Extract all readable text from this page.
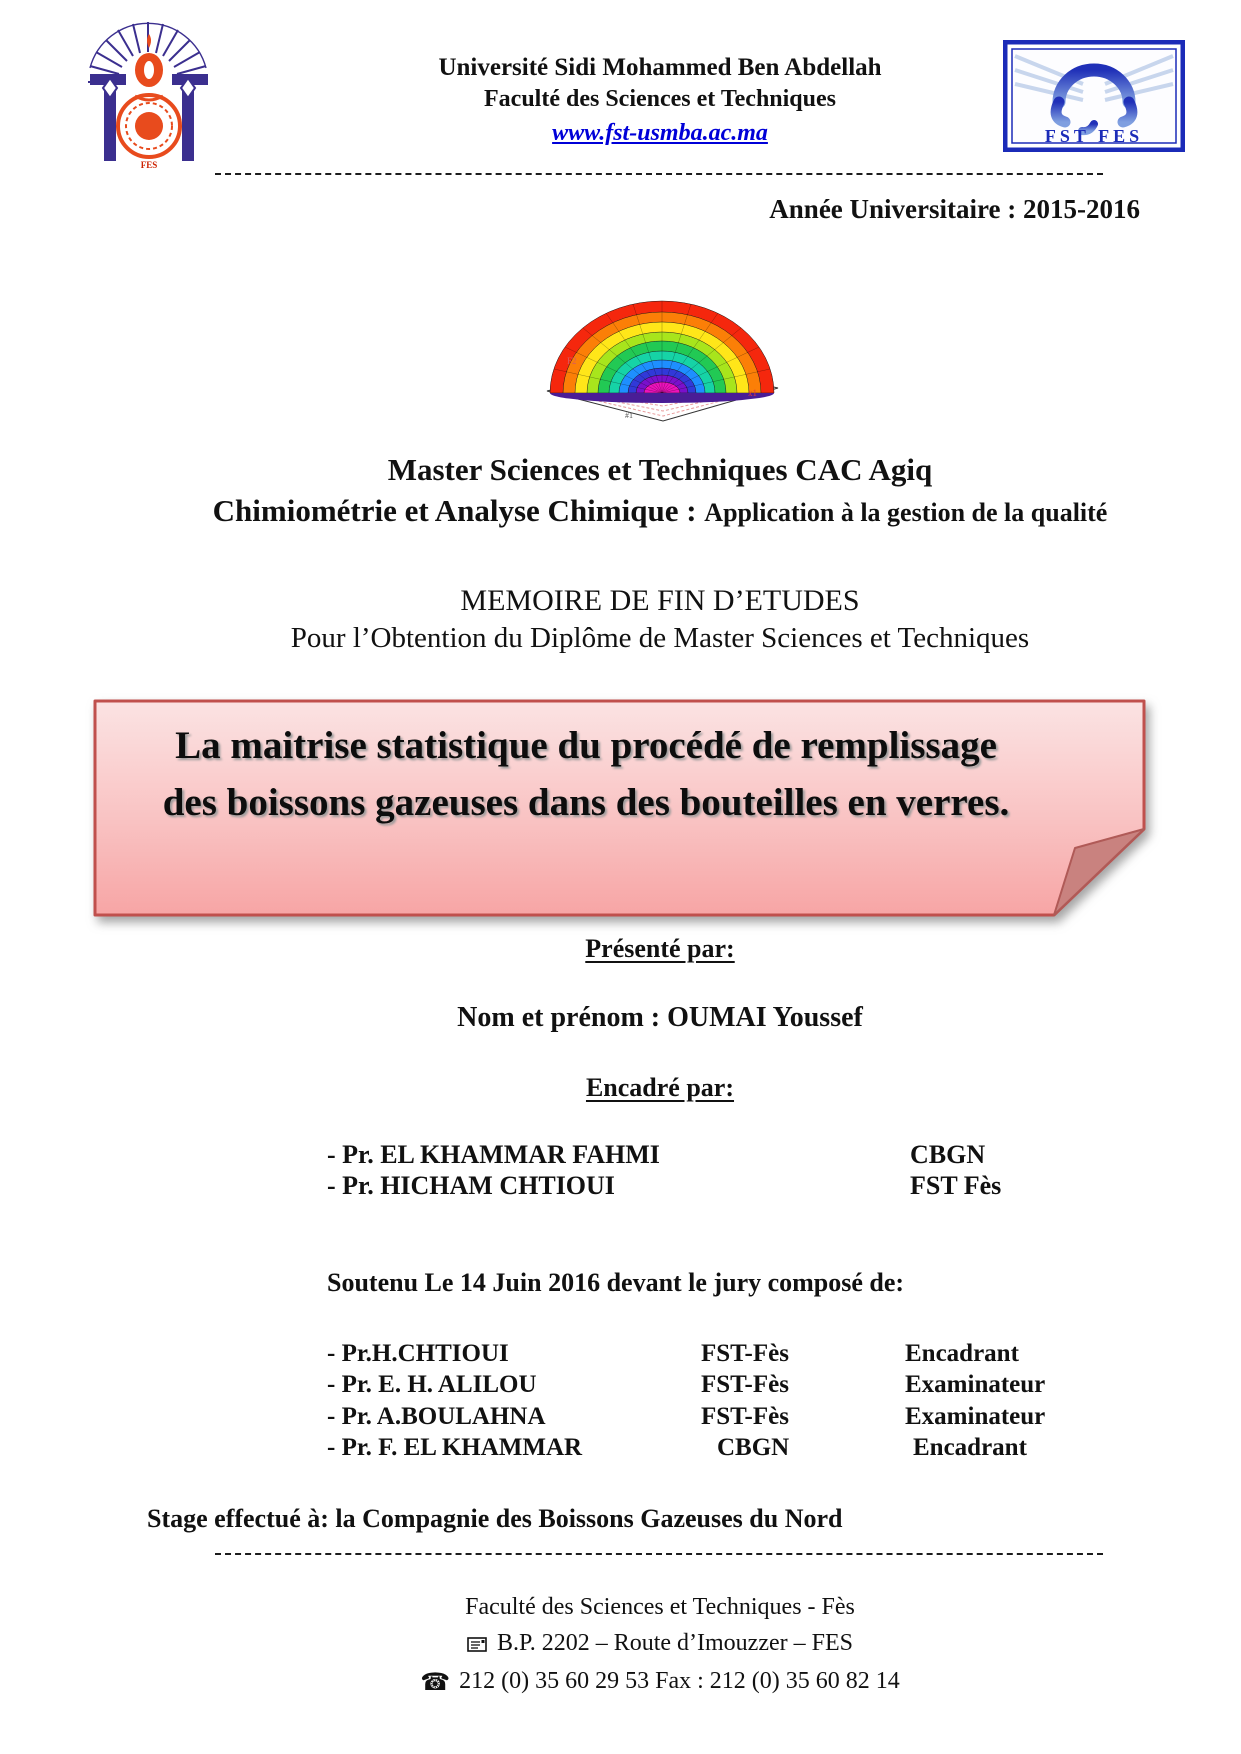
FES
Université Sidi Mohammed Ben Abdellah
Faculté des Sciences et Techniques
www.fst-usmba.ac.ma	FST FES
Année Universitaire : 2015-2016
F2
x1
#1
Master Sciences et Techniques CAC Agiq
Chimiométrie et Analyse Chimique : Application à la gestion de la qualité
MEMOIRE DE FIN D’ETUDES
Pour l’Obtention du Diplôme de Master Sciences et Techniques
La maitrise statistique du procédé de remplissage
des boissons gazeuses dans des bouteilles en verres.
Présenté par:
Nom et prénom : OUMAI Youssef
Encadré par:
- Pr. EL KHAMMAR FAHMI	CBGN
- Pr. HICHAM CHTIOUI	FST Fès
Soutenu Le 14 Juin 2016 devant le jury composé de:
- Pr.H.CHTIOUI	FST-Fès	Encadrant
- Pr. E. H. ALILOU	FST-Fès	Examinateur
- Pr. A.BOULAHNA	FST-Fès	Examinateur
- Pr. F. EL KHAMMAR	CBGN	Encadrant
Stage effectué à: la Compagnie des Boissons Gazeuses du Nord
Faculté des Sciences et Techniques - Fès
B.P. 2202 – Route d’Imouzzer – FES
☎ 212 (0) 35 60 29 53 Fax : 212 (0) 35 60 82 14
